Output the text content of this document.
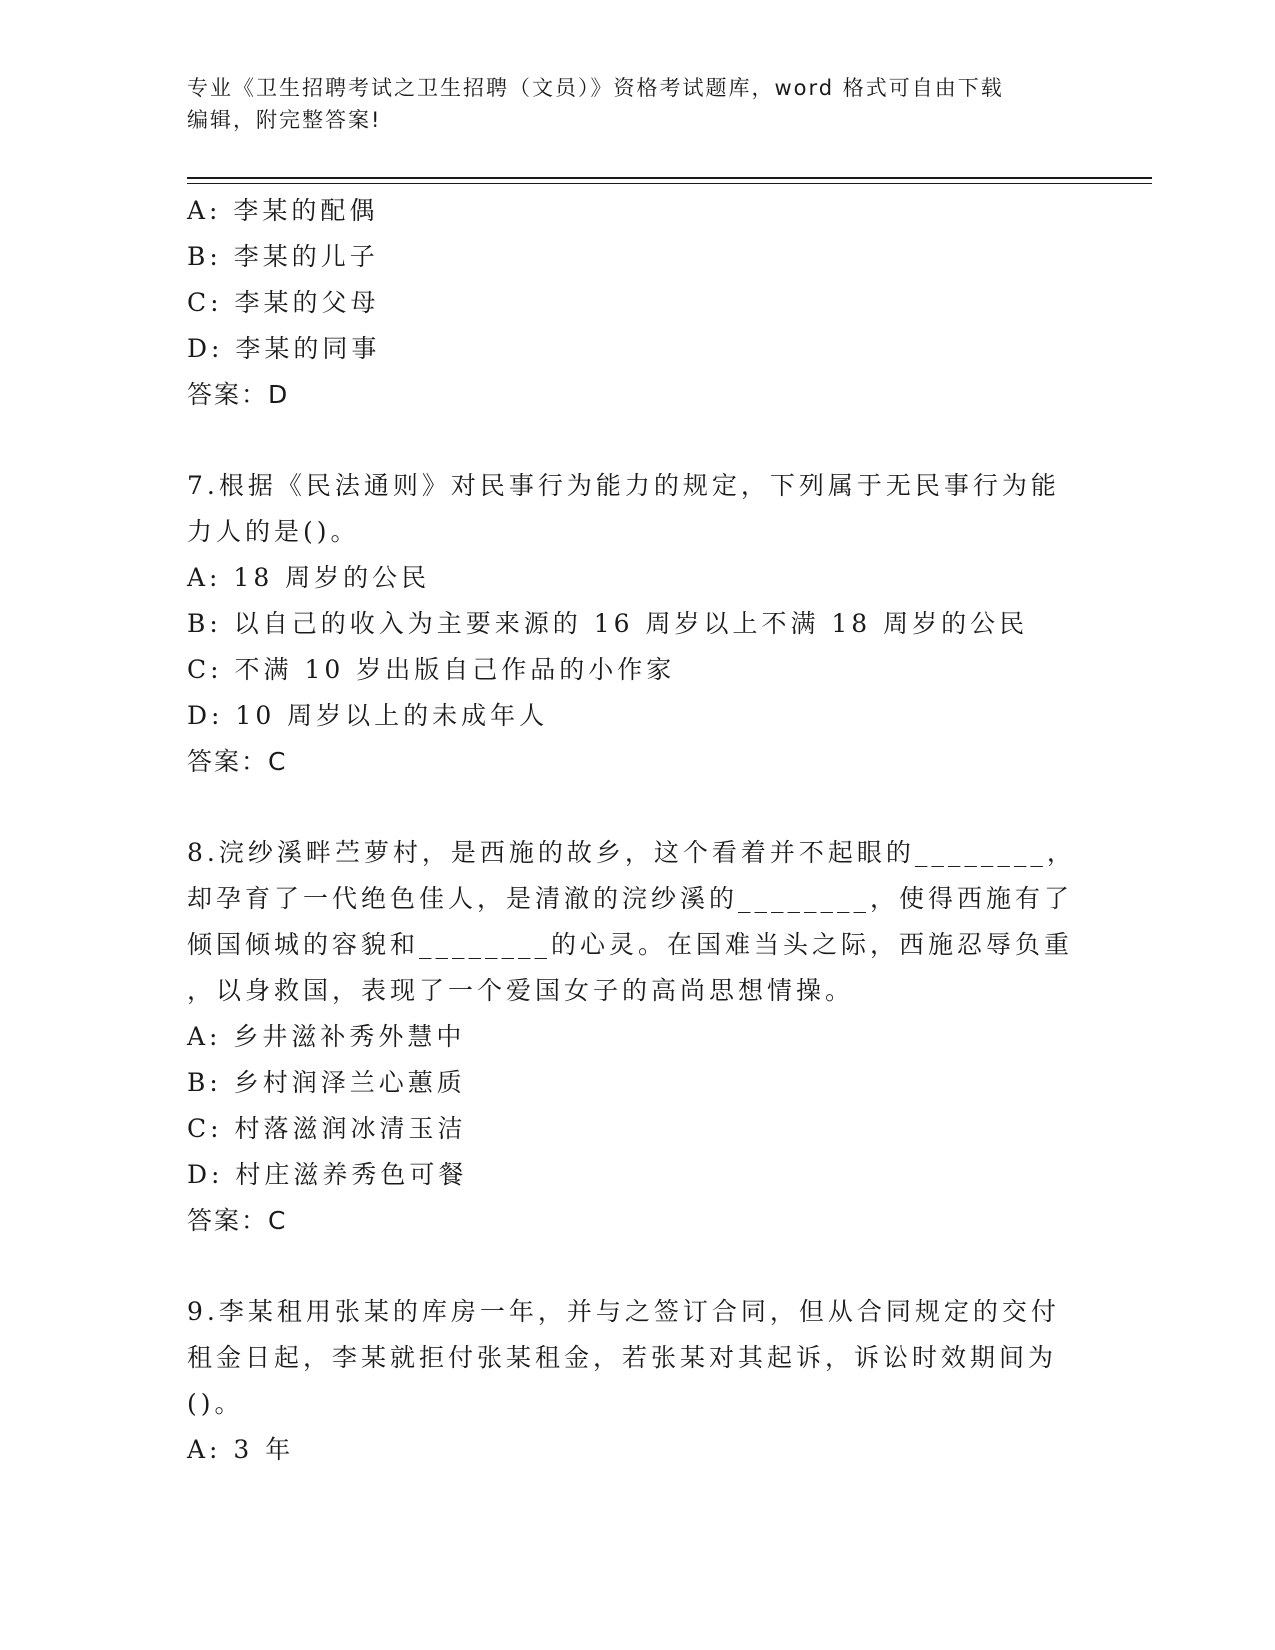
专业《卫生招聘考试之卫生招聘（文员）》资格考试题库，word 格式可自由下载
编辑，附完整答案!
A: 李某的配偶
B: 李某的儿子
C: 李某的父母
D: 李某的同事
答案：D
7.根据《民法通则》对民事行为能力的规定，下列属于无民事行为能
力人的是()。
A: 18 周岁的公民
B: 以自己的收入为主要来源的 16 周岁以上不满 18 周岁的公民
C: 不满 10 岁出版自己作品的小作家
D: 10 周岁以上的未成年人
答案：C
8.浣纱溪畔苎萝村，是西施的故乡，这个看着并不起眼的________，
却孕育了一代绝色佳人，是清澈的浣纱溪的________，使得西施有了
倾国倾城的容貌和________的心灵。在国难当头之际，西施忍辱负重
，以身救国，表现了一个爱国女子的高尚思想情操。
A: 乡井滋补秀外慧中
B: 乡村润泽兰心蕙质
C: 村落滋润冰清玉洁
D: 村庄滋养秀色可餐
答案：C
9.李某租用张某的库房一年，并与之签订合同，但从合同规定的交付
租金日起，李某就拒付张某租金，若张某对其起诉，诉讼时效期间为
()。
A: 3 年
